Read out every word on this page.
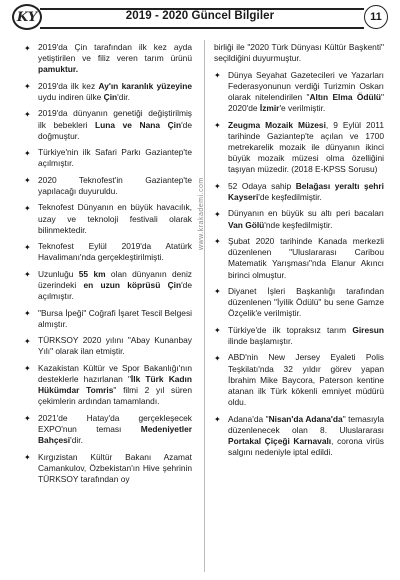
KY	2019 - 2020 Güncel Bilgiler	11
✦
2019'da Çin tarafından ilk kez ayda yetiştirilen ve filiz veren tarım ürünü pamuktur.
✦
2019'da ilk kez Ay'ın karanlık yüzeyine uydu indiren ülke Çin'dir.
✦
2019'da dünyanın genetiği değiştirilmiş ilk bebekleri Luna ve Nana Çin'de doğmuştur.
✦
Türkiye'nin ilk Safari Parkı Gaziantep'te açılmıştır.
✦
2020 Teknofest'in Gaziantep'te yapılacağı duyuruldu.
✦
Teknofest Dünyanın en büyük havacılık, uzay ve teknoloji festivali olarak bilinmektedir.
✦
Teknofest Eylül 2019'da Atatürk Havalimanı'nda gerçekleştirilmişti.
✦
Uzunluğu 55 km olan dünyanın deniz üzerindeki en uzun köprüsü Çin'de açılmıştır.
✦
"Bursa İpeği" Coğrafi İşaret Tescil Belgesi almıştır.
✦
TÜRKSOY 2020 yılını "Abay Kunanbay Yılı" olarak ilan etmiştir.
✦
Kazakistan Kültür ve Spor Bakanlığı'nın desteklerle hazırlanan "İlk Türk Kadın Hükümdar Tomris" filmi 2 yıl süren çekimlerin ardından tamamlandı.
✦
2021'de Hatay'da gerçekleşecek EXPO'nun teması Medeniyetler Bahçesi'dir.
✦
Kırgızistan Kültür Bakanı Azamat Camankulov, Özbekistan'ın Hive şehrinin TÜRKSOY tarafından oy
www.krakademi.com
birliği ile "2020 Türk Dünyası Kültür Başkenti" seçildiğini duyurmuştur.
✦
Dünya Seyahat Gazetecileri ve Yazarları Federasyonunun verdiği Turizmin Oskarı olarak nitelendirilen "Altın Elma Ödülü" 2020'de İzmir'e verilmiştir.
✦
Zeugma Mozaik Müzesi, 9 Eylül 2011 tarihinde Gaziantep'te açılan ve 1700 metrekarelik mozaik ile dünyanın ikinci büyük mozaik müzesi olma özelliğini taşıyan müzedir. (2018 E-KPSS Sorusu)
✦
52 Odaya sahip Belağası yeraltı şehri Kayseri'de keşfedilmiştir.
✦
Dünyanın en büyük su altı peri bacaları Van Gölü'nde keşfedilmiştir.
✦
Şubat 2020 tarihinde Kanada merkezli düzenlenen "Uluslararası Caribou Matematik Yarışması"nda Elanur Akıncı birinci olmuştur.
✦
Diyanet İşleri Başkanlığı tarafından düzenlenen "İyilik Ödülü" bu sene Gamze Özçelik'e verilmiştir.
✦
Türkiye'de ilk topraksız tarım Giresun ilinde başlamıştır.
✦
ABD'nin New Jersey Eyaleti Polis Teşkilatı'nda 32 yıldır görev yapan İbrahim Mike Baycora, Paterson kentine atanan ilk Türk kökenli emniyet müdürü oldu.
✦
Adana'da "Nisan'da Adana'da" temasıyla düzenlenecek olan 8. Uluslararası Portakal Çiçeği Karnavalı, corona virüs salgını nedeniyle iptal edildi.
